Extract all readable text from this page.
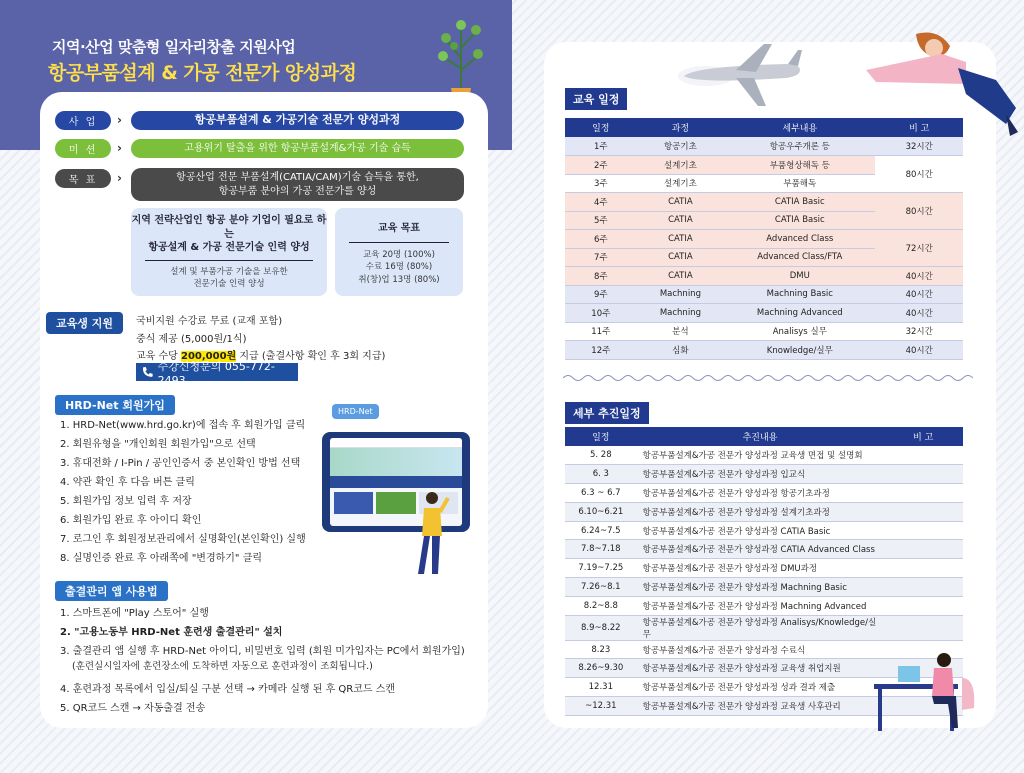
지역·산업 맞춤형 일자리창출 지원사업
항공부품설계 & 가공 전문가 양성과정
사 업	›	항공부품설계 & 가공기술 전문가 양성과정
미 션	›	고용위기 탈출을 위한 항공부품설계&가공 기술 습득
목 표	›	항공산업 전문 부품설계(CATIA/CAM)기술 습득을 통한,
항공부품 분야의 가공 전문가를 양성
지역 전략산업인 항공 분야 기업이 필요로 하는
항공설계 & 가공 전문기술 인력 양성
설계 및 부품가공 기술을 보유한
전문기술 인력 양성
교육 목표
교육 20명 (100%)
수료 16명 (80%)
취(창)업 13명 (80%)
교육생 지원	국비지원 수강료 무료 (교재 포함)
중식 제공 (5,000원/1식)
교육 수당 200,000원 지급 (출결사항 확인 후 3회 지급)
수강신청문의 055-772-2493
HRD-Net 회원가입
1. HRD-Net(www.hrd.go.kr)에 접속 후 회원가입 클릭
2. 회원유형을 "개인회원 회원가입"으로 선택
3. 휴대전화 / I-Pin / 공인인증서 중 본인확인 방법 선택
4. 약관 확인 후 다음 버튼 클릭
5. 회원가입 정보 입력 후 저장
6. 회원가입 완료 후 아이디 확인
7. 로그인 후 회원정보관리에서 실명확인(본인확인) 실행
8. 실명인증 완료 후 아래쪽에 "변경하기" 클릭
HRD-Net
출결관리 앱 사용법
1. 스마트폰에 "Play 스토어" 실행
2. "고용노동부 HRD-Net 훈련생 출결관리" 설치
3. 출결관리 앱 실행 후 HRD-Net 아이디, 비밀번호 입력 (회원 미가입자는 PC에서 회원가입)
(훈련실시일자에 훈련장소에 도착하면 자동으로 훈련과정이 조회됩니다.)
4. 훈련과정 목록에서 입실/퇴실 구분 선택 → 카메라 실행 된 후 QR코드 스캔
5. QR코드 스캔 → 자동출결 전송
교육 일정
일정	과정	세부내용	비 고
1주	항공기초	항공우주개론 등	32시간
2주	설계기초	부품형상해독 등	80시간
3주	설계기초	부품해독	
4주	CATIA	CATIA Basic	80시간
5주	CATIA	CATIA Basic	
6주	CATIA	Advanced Class	72시간
7주	CATIA	Advanced Class/FTA	
8주	CATIA	DMU	40시간
9주	Machning	Machning Basic	40시간
10주	Machning	Machning Advanced	40시간
11주	분석	Analisys 실무	32시간
12주	심화	Knowledge/실무	40시간
세부 추진일정
일정	추진내용	비 고
5. 28	항공부품설계&가공 전문가 양성과정 교육생 면접 및 설명회	
6. 3	항공부품설계&가공 전문가 양성과정 입교식	
6.3 ~ 6.7	항공부품설계&가공 전문가 양성과정 항공기초과정	
6.10~6.21	항공부품설계&가공 전문가 양성과정 설계기초과정	
6.24~7.5	항공부품설계&가공 전문가 양성과정 CATIA Basic	
7.8~7.18	항공부품설계&가공 전문가 양성과정 CATIA Advanced Class	
7.19~7.25	항공부품설계&가공 전문가 양성과정 DMU과정	
7.26~8.1	항공부품설계&가공 전문가 양성과정 Machning Basic	
8.2~8.8	항공부품설계&가공 전문가 양성과정 Machning Advanced	
8.9~8.22	항공부품설계&가공 전문가 양성과정 Analisys/Knowledge/실무	
8.23	항공부품설계&가공 전문가 양성과정 수료식	
8.26~9.30	항공부품설계&가공 전문가 양성과정 교육생 취업지원	
12.31	항공부품설계&가공 전문가 양성과정 성과 결과 제출	
~12.31	항공부품설계&가공 전문가 양성과정 교육생 사후관리	
